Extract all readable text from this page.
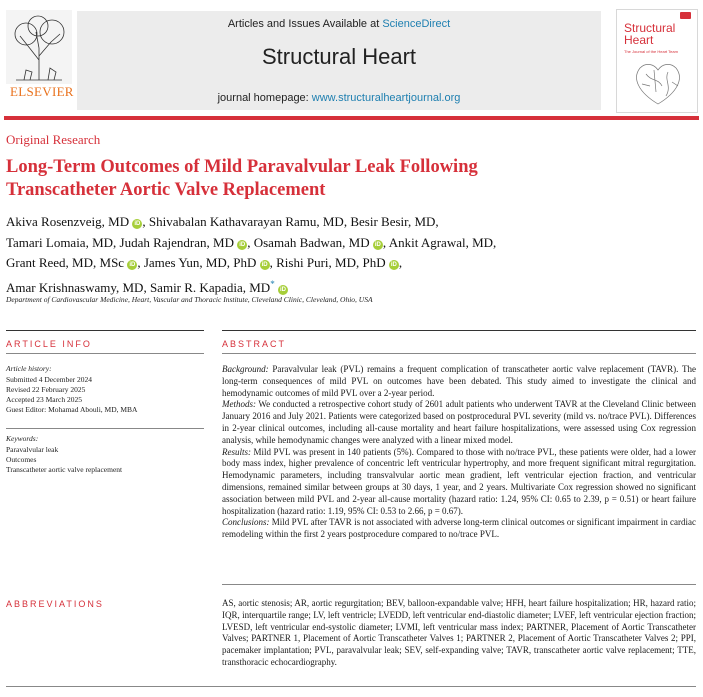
ELSEVIER
Articles and Issues Available at ScienceDirect
Structural Heart
journal homepage: www.structuralheartjournal.org
Structural
Heart
The Journal of the Heart Team
Original Research
Long-Term Outcomes of Mild Paravalvular Leak Following
Transcatheter Aortic Valve Replacement
Akiva Rosenzveig, MD iD , Shivabalan Kathavarayan Ramu, MD, Besir Besir, MD,
Tamari Lomaia, MD, Judah Rajendran, MD iD , Osamah Badwan, MD iD , Ankit Agrawal, MD,
Grant Reed, MD, MSc iD , James Yun, MD, PhD iD , Rishi Puri, MD, PhD iD ,
Amar Krishnaswamy, MD, Samir R. Kapadia, MD* iD
Department of Cardiovascular Medicine, Heart, Vascular and Thoracic Institute, Cleveland Clinic, Cleveland, Ohio, USA
ARTICLE INFO
Article history:
Submitted 4 December 2024
Revised 22 February 2025
Accepted 23 March 2025
Guest Editor: Mohamad Abouli, MD, MBA
Keywords:
Paravalvular leak
Outcomes
Transcatheter aortic valve replacement
ABSTRACT

Background: Paravalvular leak (PVL) remains a frequent complication of transcatheter aortic valve replacement (TAVR). The long-term consequences of mild PVL on outcomes have been debated. This study aimed to investigate the clinical and hemodynamic outcomes of mild PVL over a 2-year period.

Methods: We conducted a retrospective cohort study of 2601 adult patients who underwent TAVR at the Cleveland Clinic between January 2016 and July 2021. Patients were categorized based on postprocedural PVL severity (mild vs. no/trace PVL). Differences in 2-year clinical outcomes, including all-cause mortality and heart failure hospitalizations, were assessed using Cox regression analysis, while hemodynamic changes were analyzed with a linear mixed model.

Results: Mild PVL was present in 140 patients (5%). Compared to those with no/trace PVL, these patients were older, had a lower body mass index, higher prevalence of concentric left ventricular hypertrophy, and more frequent significant mitral regurgitation. Hemodynamic parameters, including transvalvular aortic mean gradient, left ventricular ejection fraction, and ventricular dimensions, remained similar between groups at 30 days, 1 year, and 2 years. Multivariate Cox regression showed no significant association between mild PVL and 2-year all-cause mortality (hazard ratio: 1.24, 95% CI: 0.65 to 2.39, p = 0.51) or heart failure hospitalization (hazard ratio: 1.19, 95% CI: 0.53 to 2.66, p = 0.67).

Conclusions: Mild PVL after TAVR is not associated with adverse long-term clinical outcomes or significant impairment in cardiac remodeling within the first 2 years postprocedure compared to no/trace PVL.

ABBREVIATIONS	AS, aortic stenosis; AR, aortic regurgitation; BEV, balloon-expandable valve; HFH, heart failure hospitalization; HR, hazard ratio; IQR, interquartile range; LV, left ventricle; LVEDD, left ventricular end-diastolic diameter; LVEF, left ventricular ejection fraction; LVESD, left ventricular end-systolic diameter; LVMI, left ventricular mass index; PARTNER, Placement of Aortic Transcatheter Valves; PARTNER 1, Placement of Aortic Transcatheter Valves 1; PARTNER 2, Placement of Aortic Transcatheter Valves 2; PPI, pacemaker implantation; PVL, paravalvular leak; SEV, self-expanding valve; TAVR, transcatheter aortic valve replacement; TTE, transthoracic echocardiography.
